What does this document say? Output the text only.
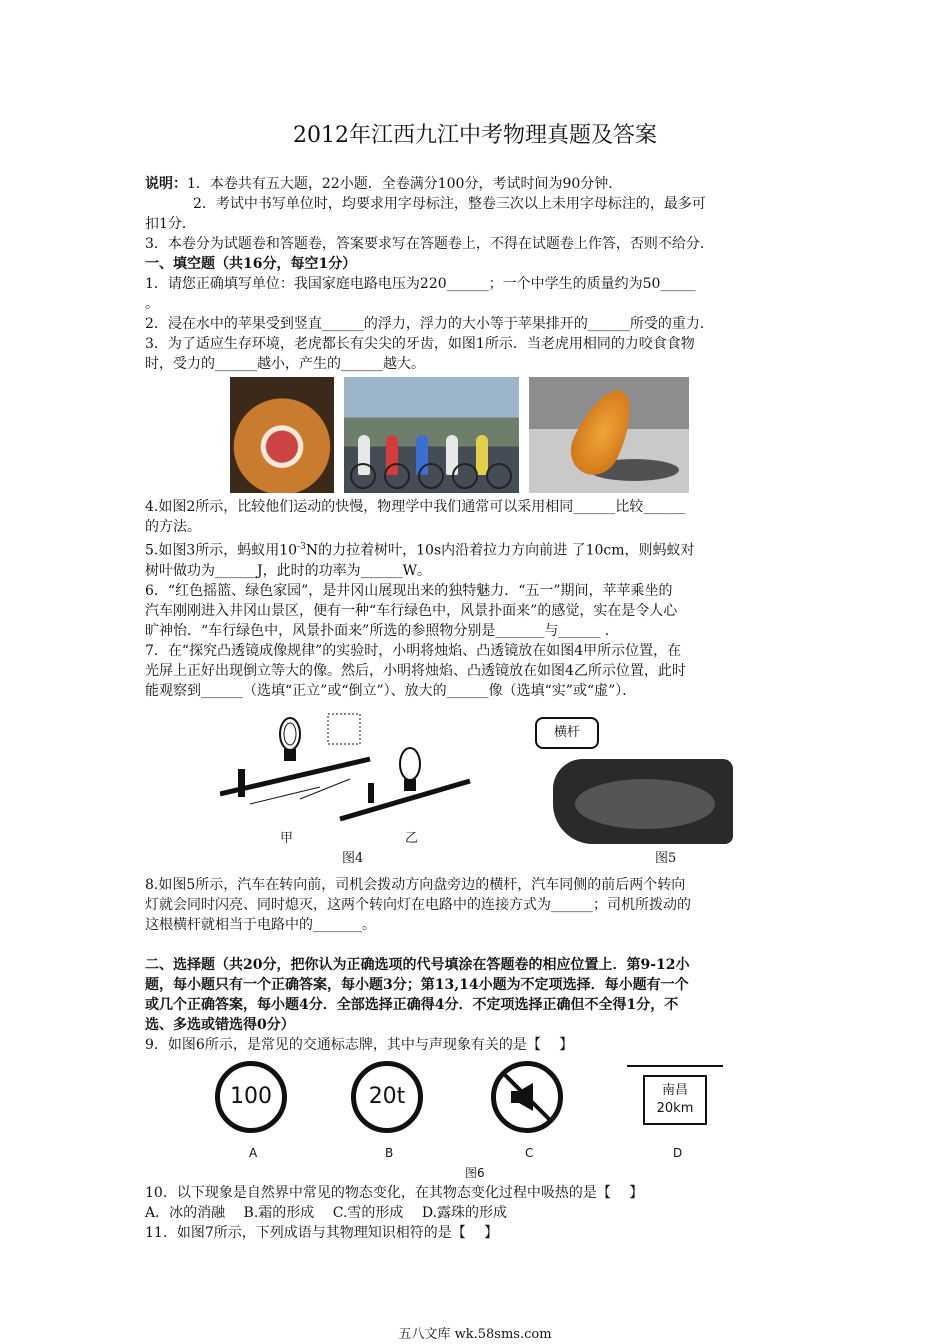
2012年江西九江中考物理真题及答案

说明：1．本卷共有五大题，22小题．全卷满分100分，考试时间为90分钟．

2．考试中书写单位时，均要求用字母标注，整卷三次以上未用字母标注的，最多可

扣1分．

3．本卷分为试题卷和答题卷，答案要求写在答题卷上，不得在试题卷上作答，否则不给分．

一、填空题（共16分，每空1分）

1．请您正确填写单位：我国家庭电路电压为220______；一个中学生的质量约为50_____

。

2．浸在水中的苹果受到竖直______的浮力，浮力的大小等于苹果排开的______所受的重力．

3．为了适应生存环境，老虎都长有尖尖的牙齿，如图1所示．当老虎用相同的力咬食食物

时，受力的______越小，产生的______越大。

4.如图2所示，比较他们运动的快慢，物理学中我们通常可以采用相同______比较______

的方法。

5.如图3所示，蚂蚁用$10^{-3}N$的力拉着树叶，10s内沿着拉力方向前进 了10cm，则蚂蚁对

树叶做功为______J，此时的功率为______W。

6．“红色摇篮、绿色家园”，是井冈山展现出来的独特魅力．“五一”期间，苹苹乘坐的

汽车刚刚进入井冈山景区，便有一种“车行绿色中，风景扑面来”的感觉，实在是令人心

旷神怡．“车行绿色中，风景扑面来”所选的参照物分别是_______与______ ．

7．在“探究凸透镜成像规律”的实验时，小明将烛焰、凸透镜放在如图4甲所示位置，在

光屏上正好出现倒立等大的像。然后，小明将烛焰、凸透镜放在如图4乙所示位置，此时

能观察到______（选填“正立”或“倒立”）、放大的______像（选填“实”或“虚”）．

甲	乙
图4
横杆
图5

8.如图5所示，汽车在转向前，司机会拨动方向盘旁边的横杆，汽车同侧的前后两个转向

灯就会同时闪亮、同时熄灭，这两个转向灯在电路中的连接方式为______；司机所拨动的

这根横杆就相当于电路中的_______。

二、选择题（共20分，把你认为正确选项的代号填涂在答题卷的相应位置上．第9-12小

题，每小题只有一个正确答案，每小题3分；第13,14小题为不定项选择．每小题有一个

或几个正确答案，每小题4分．全部选择正确得4分．不定项选择正确但不全得1分，不

选、多选或错选得0分）

9．如图6所示，是常见的交通标志牌，其中与声现象有关的是【　 】

100	20t	南昌
20km
A	B	C	D
图6

10．以下现象是自然界中常见的物态变化，在其物态变化过程中吸热的是【　 】

A．冰的消融　 B.霜的形成　 C.雪的形成　 D.露珠的形成

11．如图7所示，下列成语与其物理知识相符的是【　 】

五八文库 wk.58sms.com
